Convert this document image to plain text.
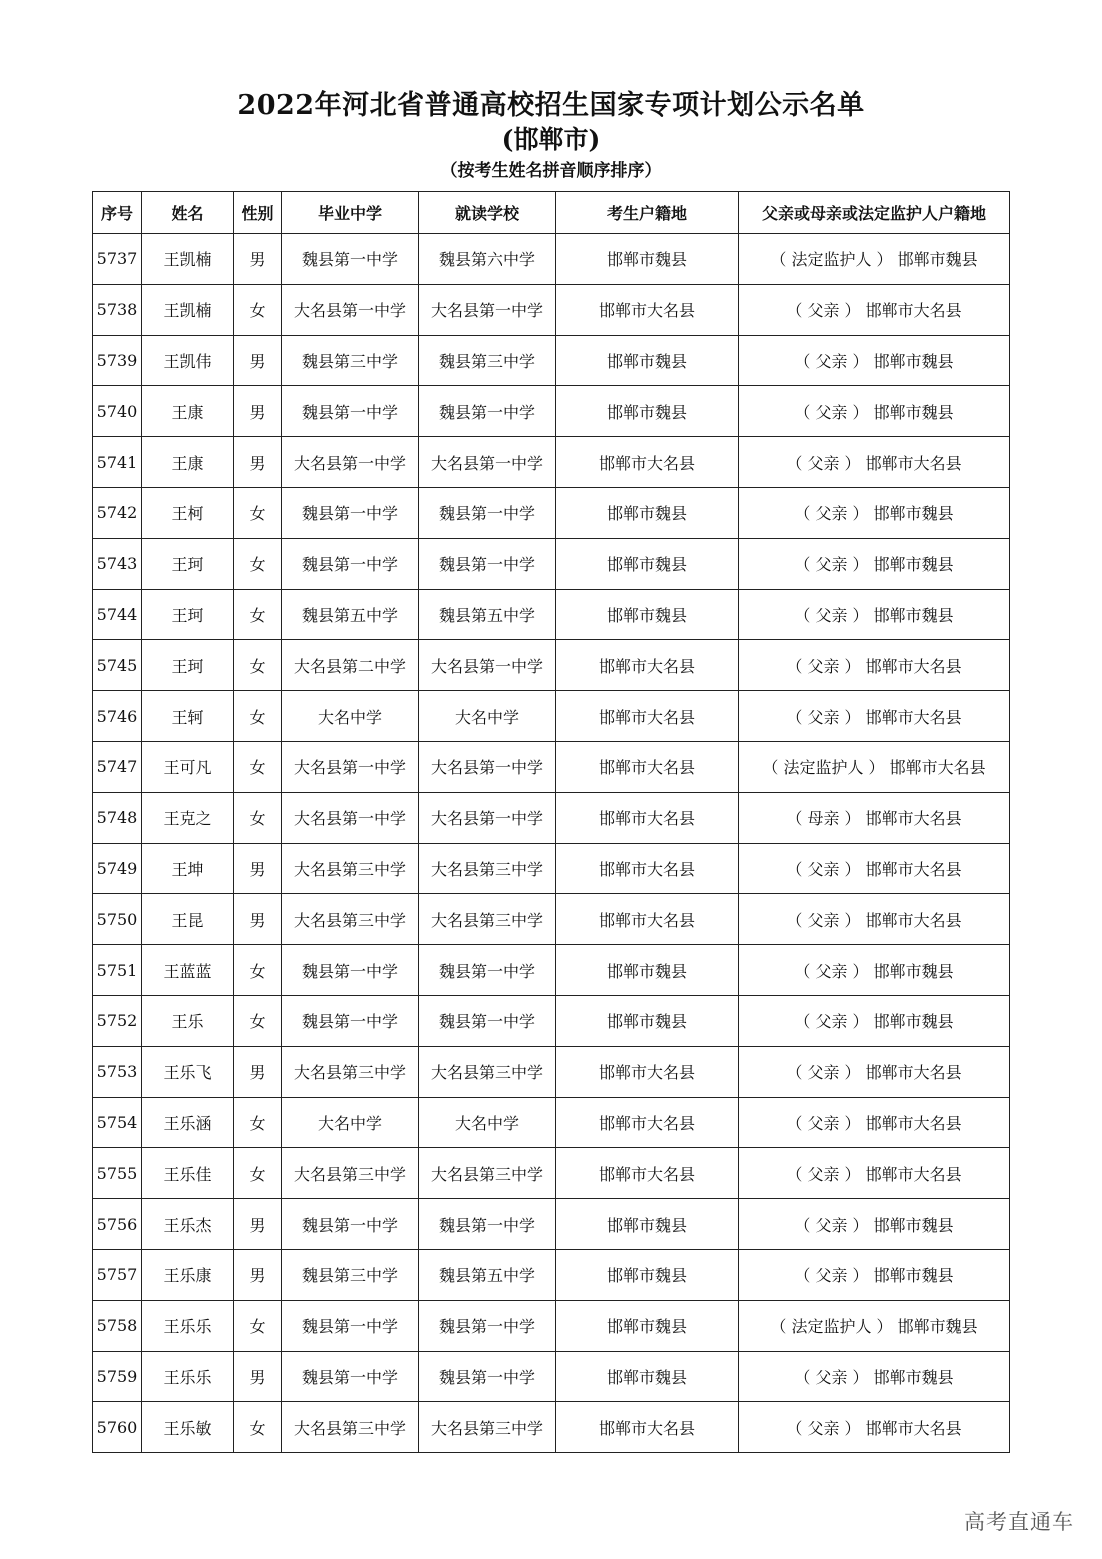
2022年河北省普通高校招生国家专项计划公示名单
(邯郸市)
（按考生姓名拼音顺序排序）
序号	姓名	性别	毕业中学	就读学校	考生户籍地	父亲或母亲或法定监护人户籍地
5737	王凯楠	男	魏县第一中学	魏县第六中学	邯郸市魏县	（ 法定监护人 ） 邯郸市魏县
5738	王凯楠	女	大名县第一中学	大名县第一中学	邯郸市大名县	（ 父亲 ） 邯郸市大名县
5739	王凯伟	男	魏县第三中学	魏县第三中学	邯郸市魏县	（ 父亲 ） 邯郸市魏县
5740	王康	男	魏县第一中学	魏县第一中学	邯郸市魏县	（ 父亲 ） 邯郸市魏县
5741	王康	男	大名县第一中学	大名县第一中学	邯郸市大名县	（ 父亲 ） 邯郸市大名县
5742	王柯	女	魏县第一中学	魏县第一中学	邯郸市魏县	（ 父亲 ） 邯郸市魏县
5743	王珂	女	魏县第一中学	魏县第一中学	邯郸市魏县	（ 父亲 ） 邯郸市魏县
5744	王珂	女	魏县第五中学	魏县第五中学	邯郸市魏县	（ 父亲 ） 邯郸市魏县
5745	王珂	女	大名县第二中学	大名县第一中学	邯郸市大名县	（ 父亲 ） 邯郸市大名县
5746	王轲	女	大名中学	大名中学	邯郸市大名县	（ 父亲 ） 邯郸市大名县
5747	王可凡	女	大名县第一中学	大名县第一中学	邯郸市大名县	（ 法定监护人 ） 邯郸市大名县
5748	王克之	女	大名县第一中学	大名县第一中学	邯郸市大名县	（ 母亲 ） 邯郸市大名县
5749	王坤	男	大名县第三中学	大名县第三中学	邯郸市大名县	（ 父亲 ） 邯郸市大名县
5750	王昆	男	大名县第三中学	大名县第三中学	邯郸市大名县	（ 父亲 ） 邯郸市大名县
5751	王蓝蓝	女	魏县第一中学	魏县第一中学	邯郸市魏县	（ 父亲 ） 邯郸市魏县
5752	王乐	女	魏县第一中学	魏县第一中学	邯郸市魏县	（ 父亲 ） 邯郸市魏县
5753	王乐飞	男	大名县第三中学	大名县第三中学	邯郸市大名县	（ 父亲 ） 邯郸市大名县
5754	王乐涵	女	大名中学	大名中学	邯郸市大名县	（ 父亲 ） 邯郸市大名县
5755	王乐佳	女	大名县第三中学	大名县第三中学	邯郸市大名县	（ 父亲 ） 邯郸市大名县
5756	王乐杰	男	魏县第一中学	魏县第一中学	邯郸市魏县	（ 父亲 ） 邯郸市魏县
5757	王乐康	男	魏县第三中学	魏县第五中学	邯郸市魏县	（ 父亲 ） 邯郸市魏县
5758	王乐乐	女	魏县第一中学	魏县第一中学	邯郸市魏县	（ 法定监护人 ） 邯郸市魏县
5759	王乐乐	男	魏县第一中学	魏县第一中学	邯郸市魏县	（ 父亲 ） 邯郸市魏县
5760	王乐敏	女	大名县第三中学	大名县第三中学	邯郸市大名县	（ 父亲 ） 邯郸市大名县
高考直通车
